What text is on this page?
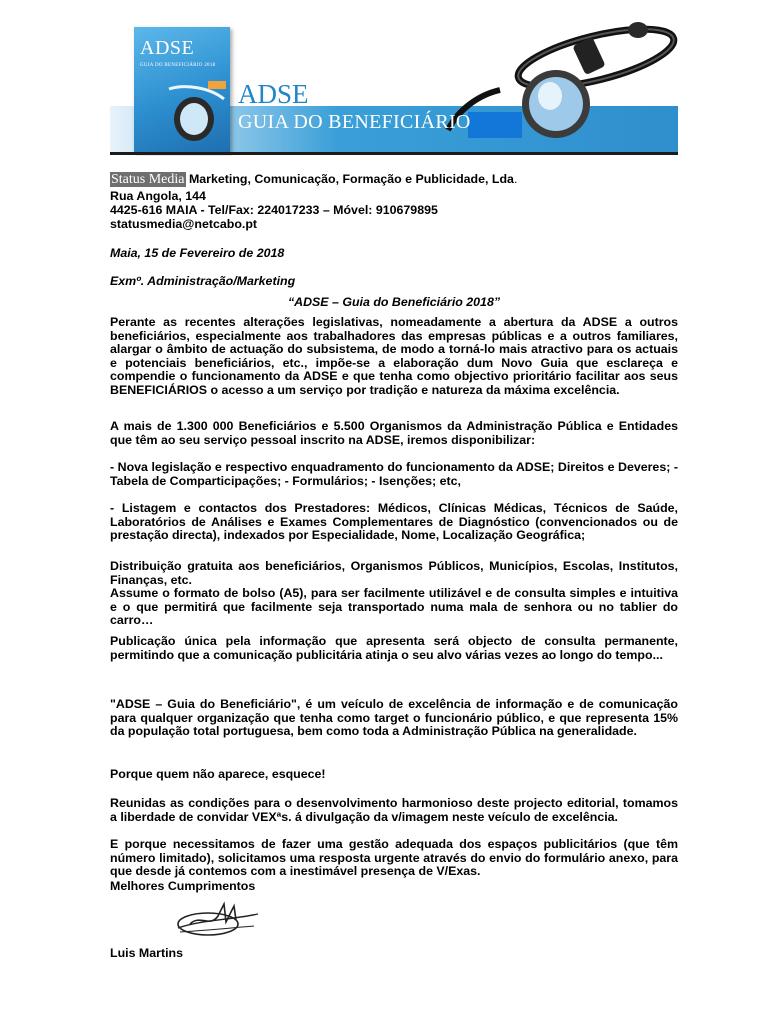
ADSE
GUIA DO BENEFICIÁRIO 2018
ADSE
GUIA DO BENEFICIÁRIO
Status Media Marketing, Comunicação, Formação e Publicidade, Lda.
Rua Angola, 144
4425-616 MAIA - Tel/Fax: 224017233 – Móvel: 910679895
statusmedia@netcabo.pt
Maia, 15 de Fevereiro de 2018
Exmº. Administração/Marketing
“ADSE – Guia do Beneficiário 2018”

Perante as recentes alterações legislativas, nomeadamente a abertura da ADSE a outros beneficiários, especialmente aos trabalhadores das empresas públicas e a outros familiares, alargar o âmbito de actuação do subsistema, de modo a torná-lo mais atractivo para os actuais e potenciais beneficiários, etc., impõe-se a elaboração dum Novo Guia que esclareça e compendie o funcionamento da ADSE e que tenha como objectivo prioritário facilitar aos seus BENEFICIÁRIOS o acesso a um serviço por tradição e natureza da máxima excelência.

A mais de 1.300 000 Beneficiários e 5.500 Organismos da Administração Pública e Entidades que têm ao seu serviço pessoal inscrito na ADSE, iremos disponibilizar:

- Nova legislação e respectivo enquadramento do funcionamento da ADSE; Direitos e Deveres; - Tabela de Comparticipações; - Formulários; - Isenções; etc,

- Listagem e contactos dos Prestadores: Médicos, Clínicas Médicas, Técnicos de Saúde, Laboratórios de Análises e Exames Complementares de Diagnóstico (convencionados ou de prestação directa), indexados por Especialidade, Nome, Localização Geográfica;

Distribuição gratuita aos beneficiários, Organismos Públicos, Municípios, Escolas, Institutos, Finanças, etc.

Assume o formato de bolso (A5), para ser facilmente utilizável e de consulta simples e intuitiva e o que permitirá que facilmente seja transportado numa mala de senhora ou no tablier do carro…

Publicação única pela informação que apresenta será objecto de consulta permanente, permitindo que a comunicação publicitária atinja o seu alvo várias vezes ao longo do tempo...

"ADSE – Guia do Beneficiário", é um veículo de excelência de informação e de comunicação para qualquer organização que tenha como target o funcionário público, e que representa 15% da população total portuguesa, bem como toda a Administração Pública na generalidade.

Porque quem não aparece, esquece!

Reunidas as condições para o desenvolvimento harmonioso deste projecto editorial, tomamos a liberdade de convidar VEXªs. á divulgação da v/imagem neste veículo de excelência.

E porque necessitamos de fazer uma gestão adequada dos espaços publicitários (que têm número limitado), solicitamos uma resposta urgente através do envio do formulário anexo, para que desde já contemos com a inestimável presença de V/Exas.

Melhores Cumprimentos
Luis Martins
